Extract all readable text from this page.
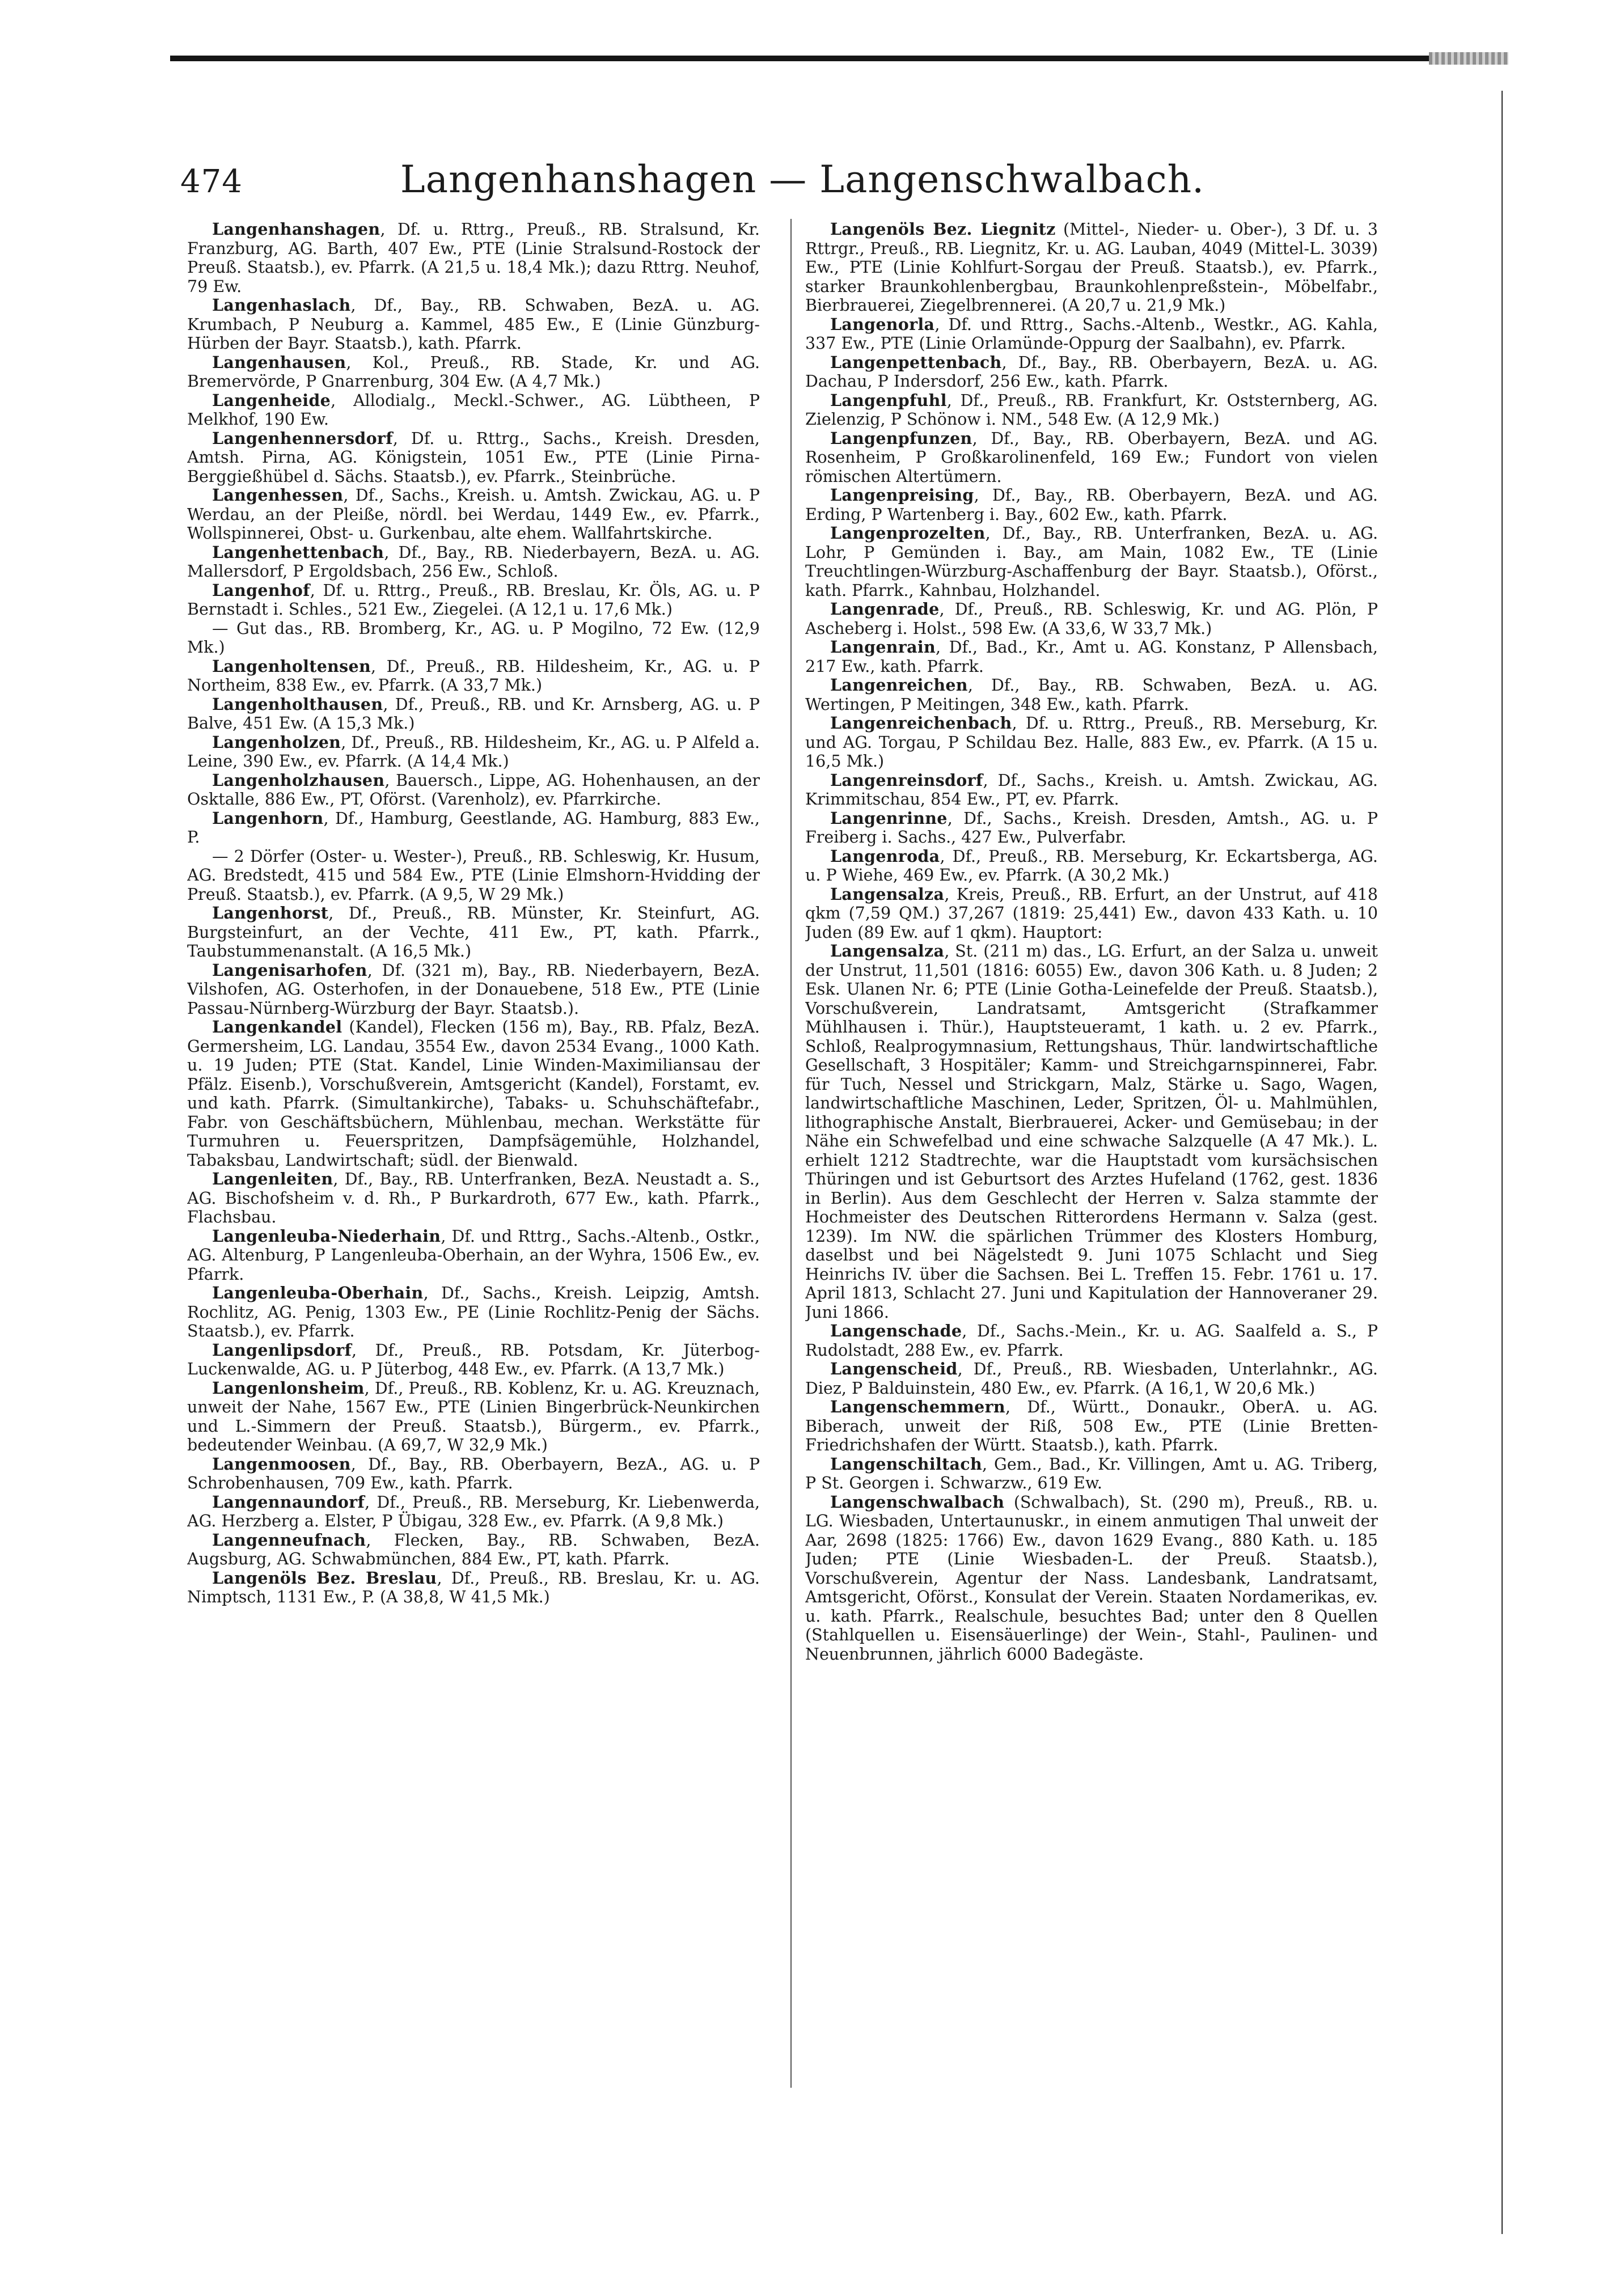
474	Langenhanshagen — Langenschwalbach.

Langenhanshagen, Df. u. Rttrg., Preuß., RB. Stralsund, Kr. Franzburg, AG. Barth, 407 Ew., PTE (Linie Stralsund-Rostock der Preuß. Staatsb.), ev. Pfarrk. (A 21,5 u. 18,4 Mk.); dazu Rttrg. Neuhof, 79 Ew.

Langenhaslach, Df., Bay., RB. Schwaben, BezA. u. AG. Krumbach, P Neuburg a. Kammel, 485 Ew., E (Linie Günzburg-Hürben der Bayr. Staatsb.), kath. Pfarrk.

Langenhausen, Kol., Preuß., RB. Stade, Kr. und AG. Bremervörde, P Gnarrenburg, 304 Ew. (A 4,7 Mk.)

Langenheide, Allodialg., Meckl.-Schwer., AG. Lübtheen, P Melkhof, 190 Ew.

Langenhennersdorf, Df. u. Rttrg., Sachs., Kreish. Dresden, Amtsh. Pirna, AG. Königstein, 1051 Ew., PTE (Linie Pirna-Berggießhübel d. Sächs. Staatsb.), ev. Pfarrk., Steinbrüche.

Langenhessen, Df., Sachs., Kreish. u. Amtsh. Zwickau, AG. u. P Werdau, an der Pleiße, nördl. bei Werdau, 1449 Ew., ev. Pfarrk., Wollspinnerei, Obst- u. Gurkenbau, alte ehem. Wallfahrtskirche.

Langenhettenbach, Df., Bay., RB. Niederbayern, BezA. u. AG. Mallersdorf, P Ergoldsbach, 256 Ew., Schloß.

Langenhof, Df. u. Rttrg., Preuß., RB. Breslau, Kr. Öls, AG. u. P Bernstadt i. Schles., 521 Ew., Ziegelei. (A 12,1 u. 17,6 Mk.)

— Gut das., RB. Bromberg, Kr., AG. u. P Mogilno, 72 Ew. (12,9 Mk.)

Langenholtensen, Df., Preuß., RB. Hildesheim, Kr., AG. u. P Northeim, 838 Ew., ev. Pfarrk. (A 33,7 Mk.)

Langenholthausen, Df., Preuß., RB. und Kr. Arnsberg, AG. u. P Balve, 451 Ew. (A 15,3 Mk.)

Langenholzen, Df., Preuß., RB. Hildesheim, Kr., AG. u. P Alfeld a. Leine, 390 Ew., ev. Pfarrk. (A 14,4 Mk.)

Langenholzhausen, Bauersch., Lippe, AG. Hohenhausen, an der Osktalle, 886 Ew., PT, Oförst. (Varenholz), ev. Pfarrkirche.

Langenhorn, Df., Hamburg, Geestlande, AG. Hamburg, 883 Ew., P.

— 2 Dörfer (Oster- u. Wester-), Preuß., RB. Schleswig, Kr. Husum, AG. Bredstedt, 415 und 584 Ew., PTE (Linie Elmshorn-Hvidding der Preuß. Staatsb.), ev. Pfarrk. (A 9,5, W 29 Mk.)

Langenhorst, Df., Preuß., RB. Münster, Kr. Steinfurt, AG. Burgsteinfurt, an der Vechte, 411 Ew., PT, kath. Pfarrk., Taubstummenanstalt. (A 16,5 Mk.)

Langenisarhofen, Df. (321 m), Bay., RB. Niederbayern, BezA. Vilshofen, AG. Osterhofen, in der Donauebene, 518 Ew., PTE (Linie Passau-Nürnberg-Würzburg der Bayr. Staatsb.).

Langenkandel (Kandel), Flecken (156 m), Bay., RB. Pfalz, BezA. Germersheim, LG. Landau, 3554 Ew., davon 2534 Evang., 1000 Kath. u. 19 Juden; PTE (Stat. Kandel, Linie Winden-Maximiliansau der Pfälz. Eisenb.), Vorschußverein, Amtsgericht (Kandel), Forstamt, ev. und kath. Pfarrk. (Simultankirche), Tabaks- u. Schuhschäftefabr., Fabr. von Geschäftsbüchern, Mühlenbau, mechan. Werkstätte für Turmuhren u. Feuerspritzen, Dampfsägemühle, Holzhandel, Tabaksbau, Landwirtschaft; südl. der Bienwald.

Langenleiten, Df., Bay., RB. Unterfranken, BezA. Neustadt a. S., AG. Bischofsheim v. d. Rh., P Burkardroth, 677 Ew., kath. Pfarrk., Flachsbau.

Langenleuba-Niederhain, Df. und Rttrg., Sachs.-Altenb., Ostkr., AG. Altenburg, P Langenleuba-Oberhain, an der Wyhra, 1506 Ew., ev. Pfarrk.

Langenleuba-Oberhain, Df., Sachs., Kreish. Leipzig, Amtsh. Rochlitz, AG. Penig, 1303 Ew., PE (Linie Rochlitz-Penig der Sächs. Staatsb.), ev. Pfarrk.

Langenlipsdorf, Df., Preuß., RB. Potsdam, Kr. Jüterbog-Luckenwalde, AG. u. P Jüterbog, 448 Ew., ev. Pfarrk. (A 13,7 Mk.)

Langenlonsheim, Df., Preuß., RB. Koblenz, Kr. u. AG. Kreuznach, unweit der Nahe, 1567 Ew., PTE (Linien Bingerbrück-Neunkirchen und L.-Simmern der Preuß. Staatsb.), Bürgerm., ev. Pfarrk., bedeutender Weinbau. (A 69,7, W 32,9 Mk.)

Langenmoosen, Df., Bay., RB. Oberbayern, BezA., AG. u. P Schrobenhausen, 709 Ew., kath. Pfarrk.

Langennaundorf, Df., Preuß., RB. Merseburg, Kr. Liebenwerda, AG. Herzberg a. Elster, P Übigau, 328 Ew., ev. Pfarrk. (A 9,8 Mk.)

Langenneufnach, Flecken, Bay., RB. Schwaben, BezA. Augsburg, AG. Schwabmünchen, 884 Ew., PT, kath. Pfarrk.

Langenöls Bez. Breslau, Df., Preuß., RB. Breslau, Kr. u. AG. Nimptsch, 1131 Ew., P. (A 38,8, W 41,5 Mk.)

Langenöls Bez. Liegnitz (Mittel-, Nieder- u. Ober-), 3 Df. u. 3 Rttrgr., Preuß., RB. Liegnitz, Kr. u. AG. Lauban, 4049 (Mittel-L. 3039) Ew., PTE (Linie Kohlfurt-Sorgau der Preuß. Staatsb.), ev. Pfarrk., starker Braunkohlenbergbau, Braunkohlenpreßstein-, Möbelfabr., Bierbrauerei, Ziegelbrennerei. (A 20,7 u. 21,9 Mk.)

Langenorla, Df. und Rttrg., Sachs.-Altenb., Westkr., AG. Kahla, 337 Ew., PTE (Linie Orlamünde-Oppurg der Saalbahn), ev. Pfarrk.

Langenpettenbach, Df., Bay., RB. Oberbayern, BezA. u. AG. Dachau, P Indersdorf, 256 Ew., kath. Pfarrk.

Langenpfuhl, Df., Preuß., RB. Frankfurt, Kr. Oststernberg, AG. Zielenzig, P Schönow i. NM., 548 Ew. (A 12,9 Mk.)

Langenpfunzen, Df., Bay., RB. Oberbayern, BezA. und AG. Rosenheim, P Großkarolinenfeld, 169 Ew.; Fundort von vielen römischen Altertümern.

Langenpreising, Df., Bay., RB. Oberbayern, BezA. und AG. Erding, P Wartenberg i. Bay., 602 Ew., kath. Pfarrk.

Langenprozelten, Df., Bay., RB. Unterfranken, BezA. u. AG. Lohr, P Gemünden i. Bay., am Main, 1082 Ew., TE (Linie Treuchtlingen-Würzburg-Aschaffenburg der Bayr. Staatsb.), Oförst., kath. Pfarrk., Kahnbau, Holzhandel.

Langenrade, Df., Preuß., RB. Schleswig, Kr. und AG. Plön, P Ascheberg i. Holst., 598 Ew. (A 33,6, W 33,7 Mk.)

Langenrain, Df., Bad., Kr., Amt u. AG. Konstanz, P Allensbach, 217 Ew., kath. Pfarrk.

Langenreichen, Df., Bay., RB. Schwaben, BezA. u. AG. Wertingen, P Meitingen, 348 Ew., kath. Pfarrk.

Langenreichenbach, Df. u. Rttrg., Preuß., RB. Merseburg, Kr. und AG. Torgau, P Schildau Bez. Halle, 883 Ew., ev. Pfarrk. (A 15 u. 16,5 Mk.)

Langenreinsdorf, Df., Sachs., Kreish. u. Amtsh. Zwickau, AG. Krimmitschau, 854 Ew., PT, ev. Pfarrk.

Langenrinne, Df., Sachs., Kreish. Dresden, Amtsh., AG. u. P Freiberg i. Sachs., 427 Ew., Pulverfabr.

Langenroda, Df., Preuß., RB. Merseburg, Kr. Eckartsberga, AG. u. P Wiehe, 469 Ew., ev. Pfarrk. (A 30,2 Mk.)

Langensalza, Kreis, Preuß., RB. Erfurt, an der Unstrut, auf 418 qkm (7,59 QM.) 37,267 (1819: 25,441) Ew., davon 433 Kath. u. 10 Juden (89 Ew. auf 1 qkm). Hauptort:

Langensalza, St. (211 m) das., LG. Erfurt, an der Salza u. unweit der Unstrut, 11,501 (1816: 6055) Ew., davon 306 Kath. u. 8 Juden; 2 Esk. Ulanen Nr. 6; PTE (Linie Gotha-Leinefelde der Preuß. Staatsb.), Vorschußverein, Landratsamt, Amtsgericht (Strafkammer Mühlhausen i. Thür.), Hauptsteueramt, 1 kath. u. 2 ev. Pfarrk., Schloß, Realprogymnasium, Rettungshaus, Thür. landwirtschaftliche Gesellschaft, 3 Hospitäler; Kamm- und Streichgarnspinnerei, Fabr. für Tuch, Nessel und Strickgarn, Malz, Stärke u. Sago, Wagen, landwirtschaftliche Maschinen, Leder, Spritzen, Öl- u. Mahlmühlen, lithographische Anstalt, Bierbrauerei, Acker- und Gemüsebau; in der Nähe ein Schwefelbad und eine schwache Salzquelle (A 47 Mk.). L. erhielt 1212 Stadtrechte, war die Hauptstadt vom kursächsischen Thüringen und ist Geburtsort des Arztes Hufeland (1762, gest. 1836 in Berlin). Aus dem Geschlecht der Herren v. Salza stammte der Hochmeister des Deutschen Ritterordens Hermann v. Salza (gest. 1239). Im NW. die spärlichen Trümmer des Klosters Homburg, daselbst und bei Nägelstedt 9. Juni 1075 Schlacht und Sieg Heinrichs IV. über die Sachsen. Bei L. Treffen 15. Febr. 1761 u. 17. April 1813, Schlacht 27. Juni und Kapitulation der Hannoveraner 29. Juni 1866.

Langenschade, Df., Sachs.-Mein., Kr. u. AG. Saalfeld a. S., P Rudolstadt, 288 Ew., ev. Pfarrk.

Langenscheid, Df., Preuß., RB. Wiesbaden, Unterlahnkr., AG. Diez, P Balduinstein, 480 Ew., ev. Pfarrk. (A 16,1, W 20,6 Mk.)

Langenschemmern, Df., Württ., Donaukr., OberA. u. AG. Biberach, unweit der Riß, 508 Ew., PTE (Linie Bretten-Friedrichshafen der Württ. Staatsb.), kath. Pfarrk.

Langenschiltach, Gem., Bad., Kr. Villingen, Amt u. AG. Triberg, P St. Georgen i. Schwarzw., 619 Ew.

Langenschwalbach (Schwalbach), St. (290 m), Preuß., RB. u. LG. Wiesbaden, Untertaunuskr., in einem anmutigen Thal unweit der Aar, 2698 (1825: 1766) Ew., davon 1629 Evang., 880 Kath. u. 185 Juden; PTE (Linie Wiesbaden-L. der Preuß. Staatsb.), Vorschußverein, Agentur der Nass. Landesbank, Landratsamt, Amtsgericht, Oförst., Konsulat der Verein. Staaten Nordamerikas, ev. u. kath. Pfarrk., Realschule, besuchtes Bad; unter den 8 Quellen (Stahlquellen u. Eisensäuerlinge) der Wein-, Stahl-, Paulinen- und Neuenbrunnen, jährlich 6000 Badegäste.
